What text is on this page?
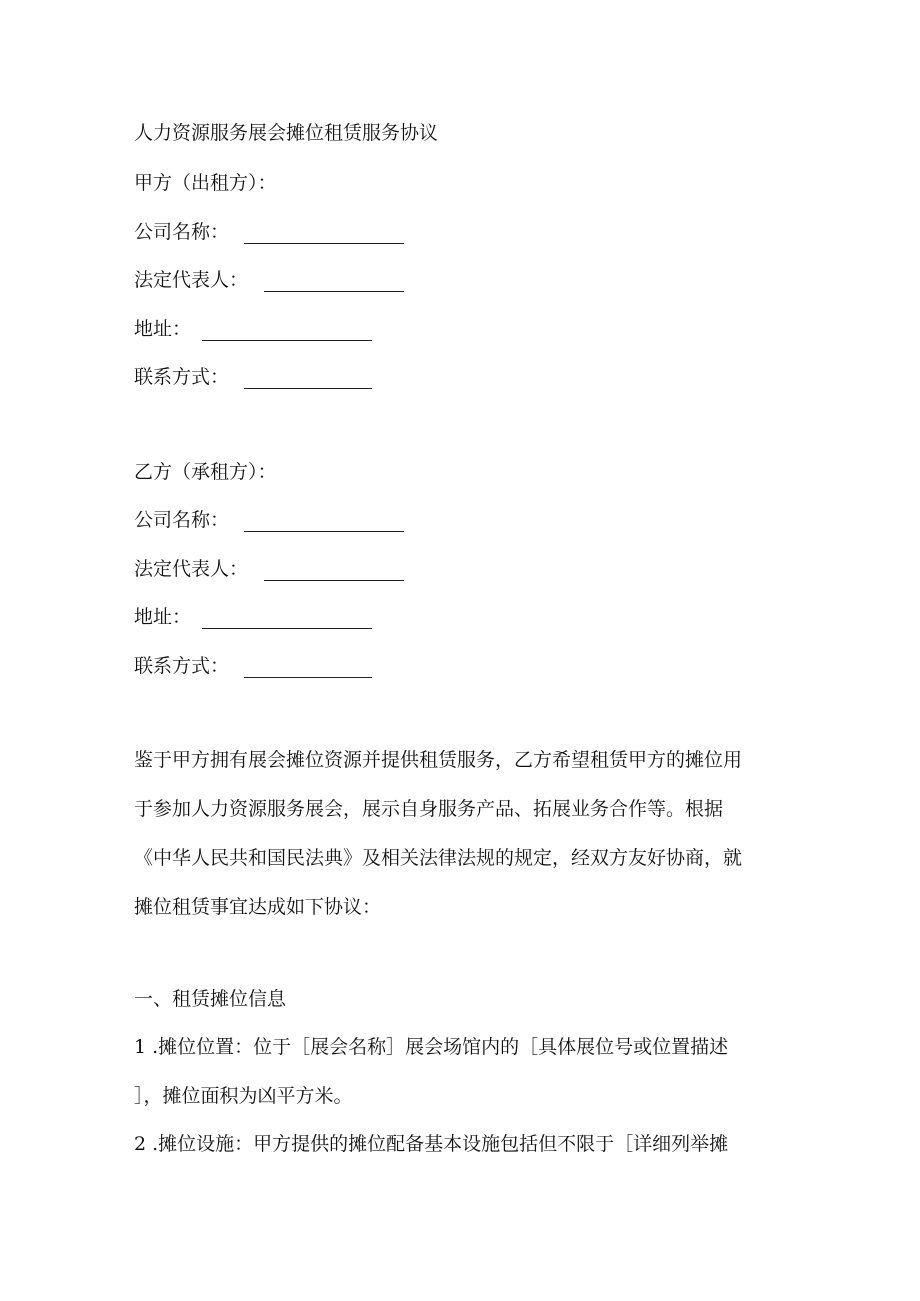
人力资源服务展会摊位租赁服务协议
甲方（出租方）：
公司名称：
法定代表人：
地址：
联系方式：
乙方（承租方）：
公司名称：
法定代表人：
地址：
联系方式：
鉴于甲方拥有展会摊位资源并提供租赁服务，乙方希望租赁甲方的摊位用
于参加人力资源服务展会，展示自身服务产品、拓展业务合作等。根据
《中华人民共和国民法典》及相关法律法规的规定，经双方友好协商，就
摊位租赁事宜达成如下协议：
一、租赁摊位信息
1 .摊位位置：位于［展会名称］展会场馆内的［具体展位号或位置描述
］，摊位面积为凶平方米。
2 .摊位设施：甲方提供的摊位配备基本设施包括但不限于［详细列举摊
